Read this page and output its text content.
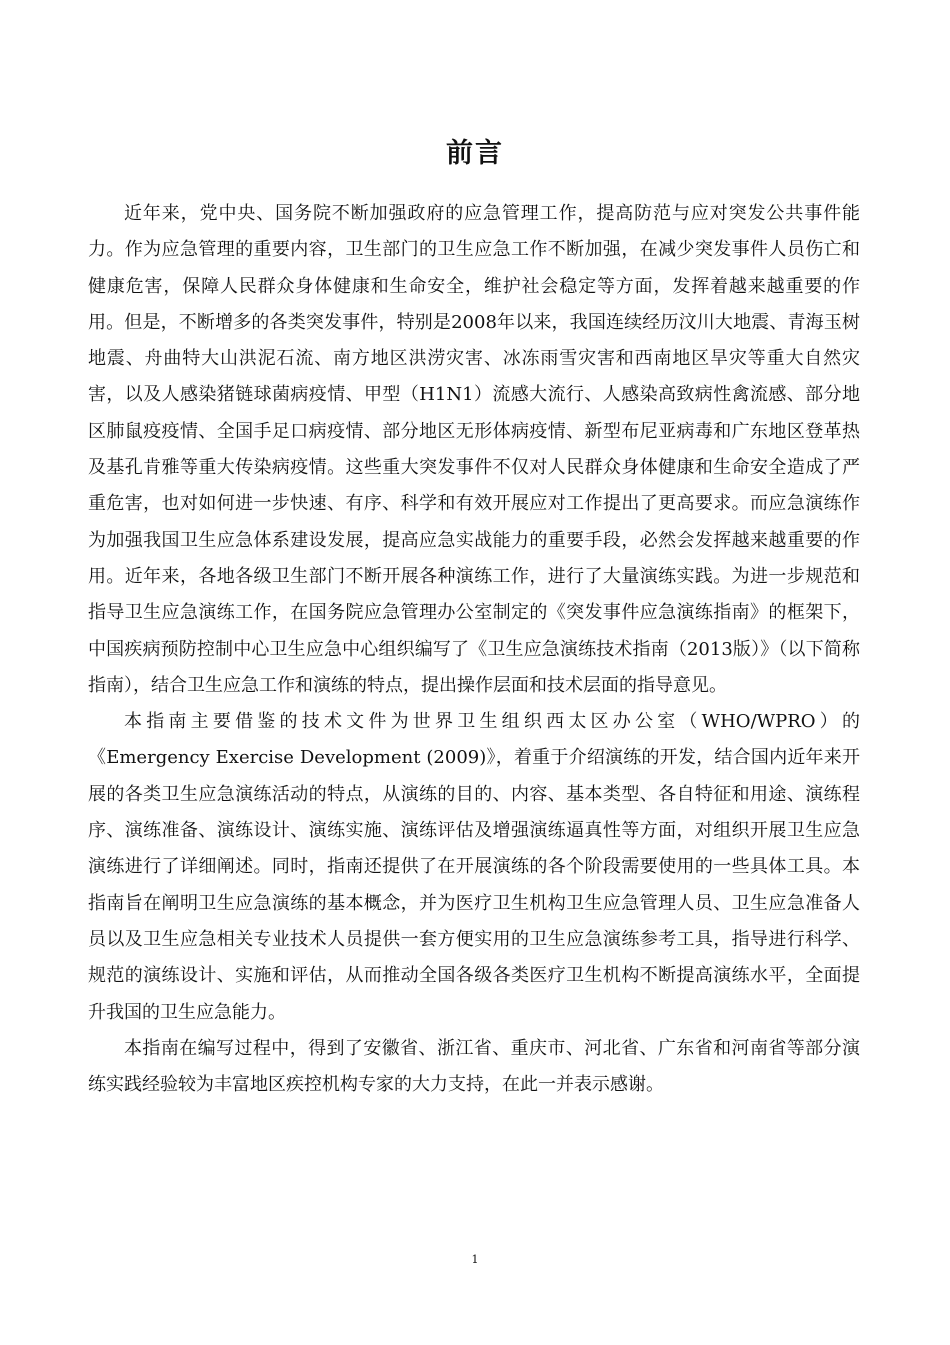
前言

近年来，党中央、国务院不断加强政府的应急管理工作，提高防范与应对突发公共事件能力。作为应急管理的重要内容，卫生部门的卫生应急工作不断加强，在减少突发事件人员伤亡和健康危害，保障人民群众身体健康和生命安全，维护社会稳定等方面，发挥着越来越重要的作用。但是，不断增多的各类突发事件，特别是2008年以来，我国连续经历汶川大地震、青海玉树地震、舟曲特大山洪泥石流、南方地区洪涝灾害、冰冻雨雪灾害和西南地区旱灾等重大自然灾害，以及人感染猪链球菌病疫情、甲型（H1N1）流感大流行、人感染高致病性禽流感、部分地区肺鼠疫疫情、全国手足口病疫情、部分地区无形体病疫情、新型布尼亚病毒和广东地区登革热及基孔肯雅等重大传染病疫情。这些重大突发事件不仅对人民群众身体健康和生命安全造成了严重危害，也对如何进一步快速、有序、科学和有效开展应对工作提出了更高要求。而应急演练作为加强我国卫生应急体系建设发展，提高应急实战能力的重要手段，必然会发挥越来越重要的作用。近年来，各地各级卫生部门不断开展各种演练工作，进行了大量演练实践。为进一步规范和指导卫生应急演练工作，在国务院应急管理办公室制定的《突发事件应急演练指南》的框架下，中国疾病预防控制中心卫生应急中心组织编写了《卫生应急演练技术指南（2013版）》（以下简称指南），结合卫生应急工作和演练的特点，提出操作层面和技术层面的指导意见。

本指南主要借鉴的技术文件为世界卫生组织西太区办公室（WHO/WPRO）的《Emergency Exercise Development (2009)》，着重于介绍演练的开发，结合国内近年来开展的各类卫生应急演练活动的特点，从演练的目的、内容、基本类型、各自特征和用途、演练程序、演练准备、演练设计、演练实施、演练评估及增强演练逼真性等方面，对组织开展卫生应急演练进行了详细阐述。同时，指南还提供了在开展演练的各个阶段需要使用的一些具体工具。本指南旨在阐明卫生应急演练的基本概念，并为医疗卫生机构卫生应急管理人员、卫生应急准备人员以及卫生应急相关专业技术人员提供一套方便实用的卫生应急演练参考工具，指导进行科学、规范的演练设计、实施和评估，从而推动全国各级各类医疗卫生机构不断提高演练水平，全面提升我国的卫生应急能力。

本指南在编写过程中，得到了安徽省、浙江省、重庆市、河北省、广东省和河南省等部分演练实践经验较为丰富地区疾控机构专家的大力支持，在此一并表示感谢。

1
